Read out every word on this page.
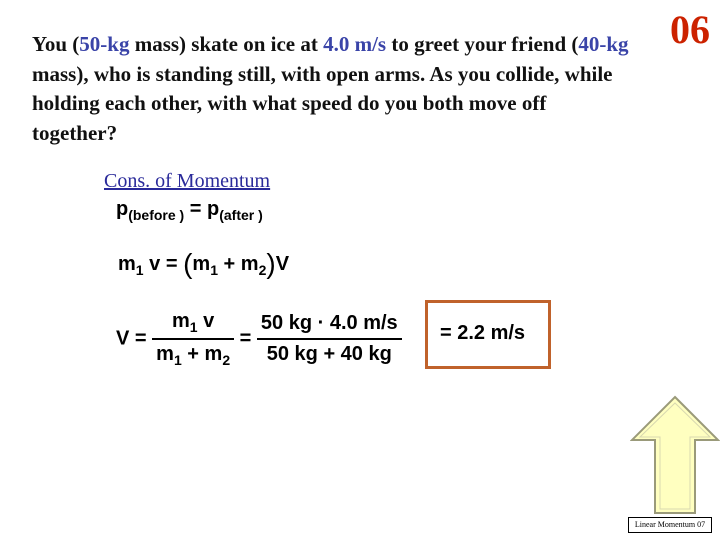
You (50-kg mass) skate on ice at 4.0 m/s to greet your friend (40-kg mass), who is standing still, with open arms. As you collide, while holding each other, with what speed do you both move off together?
06
Cons. of Momentum
$p_{(before )} = p_{(after )}$
$m_1$ $v = (m_1 + m_2)V$
$V = \frac{m_1 v}{m_1 + m_2} = \frac{50 kg \cdot 4.0 m/s}{50 kg + 40 kg} = 2.2$ m/s
Linear Momentum 07
